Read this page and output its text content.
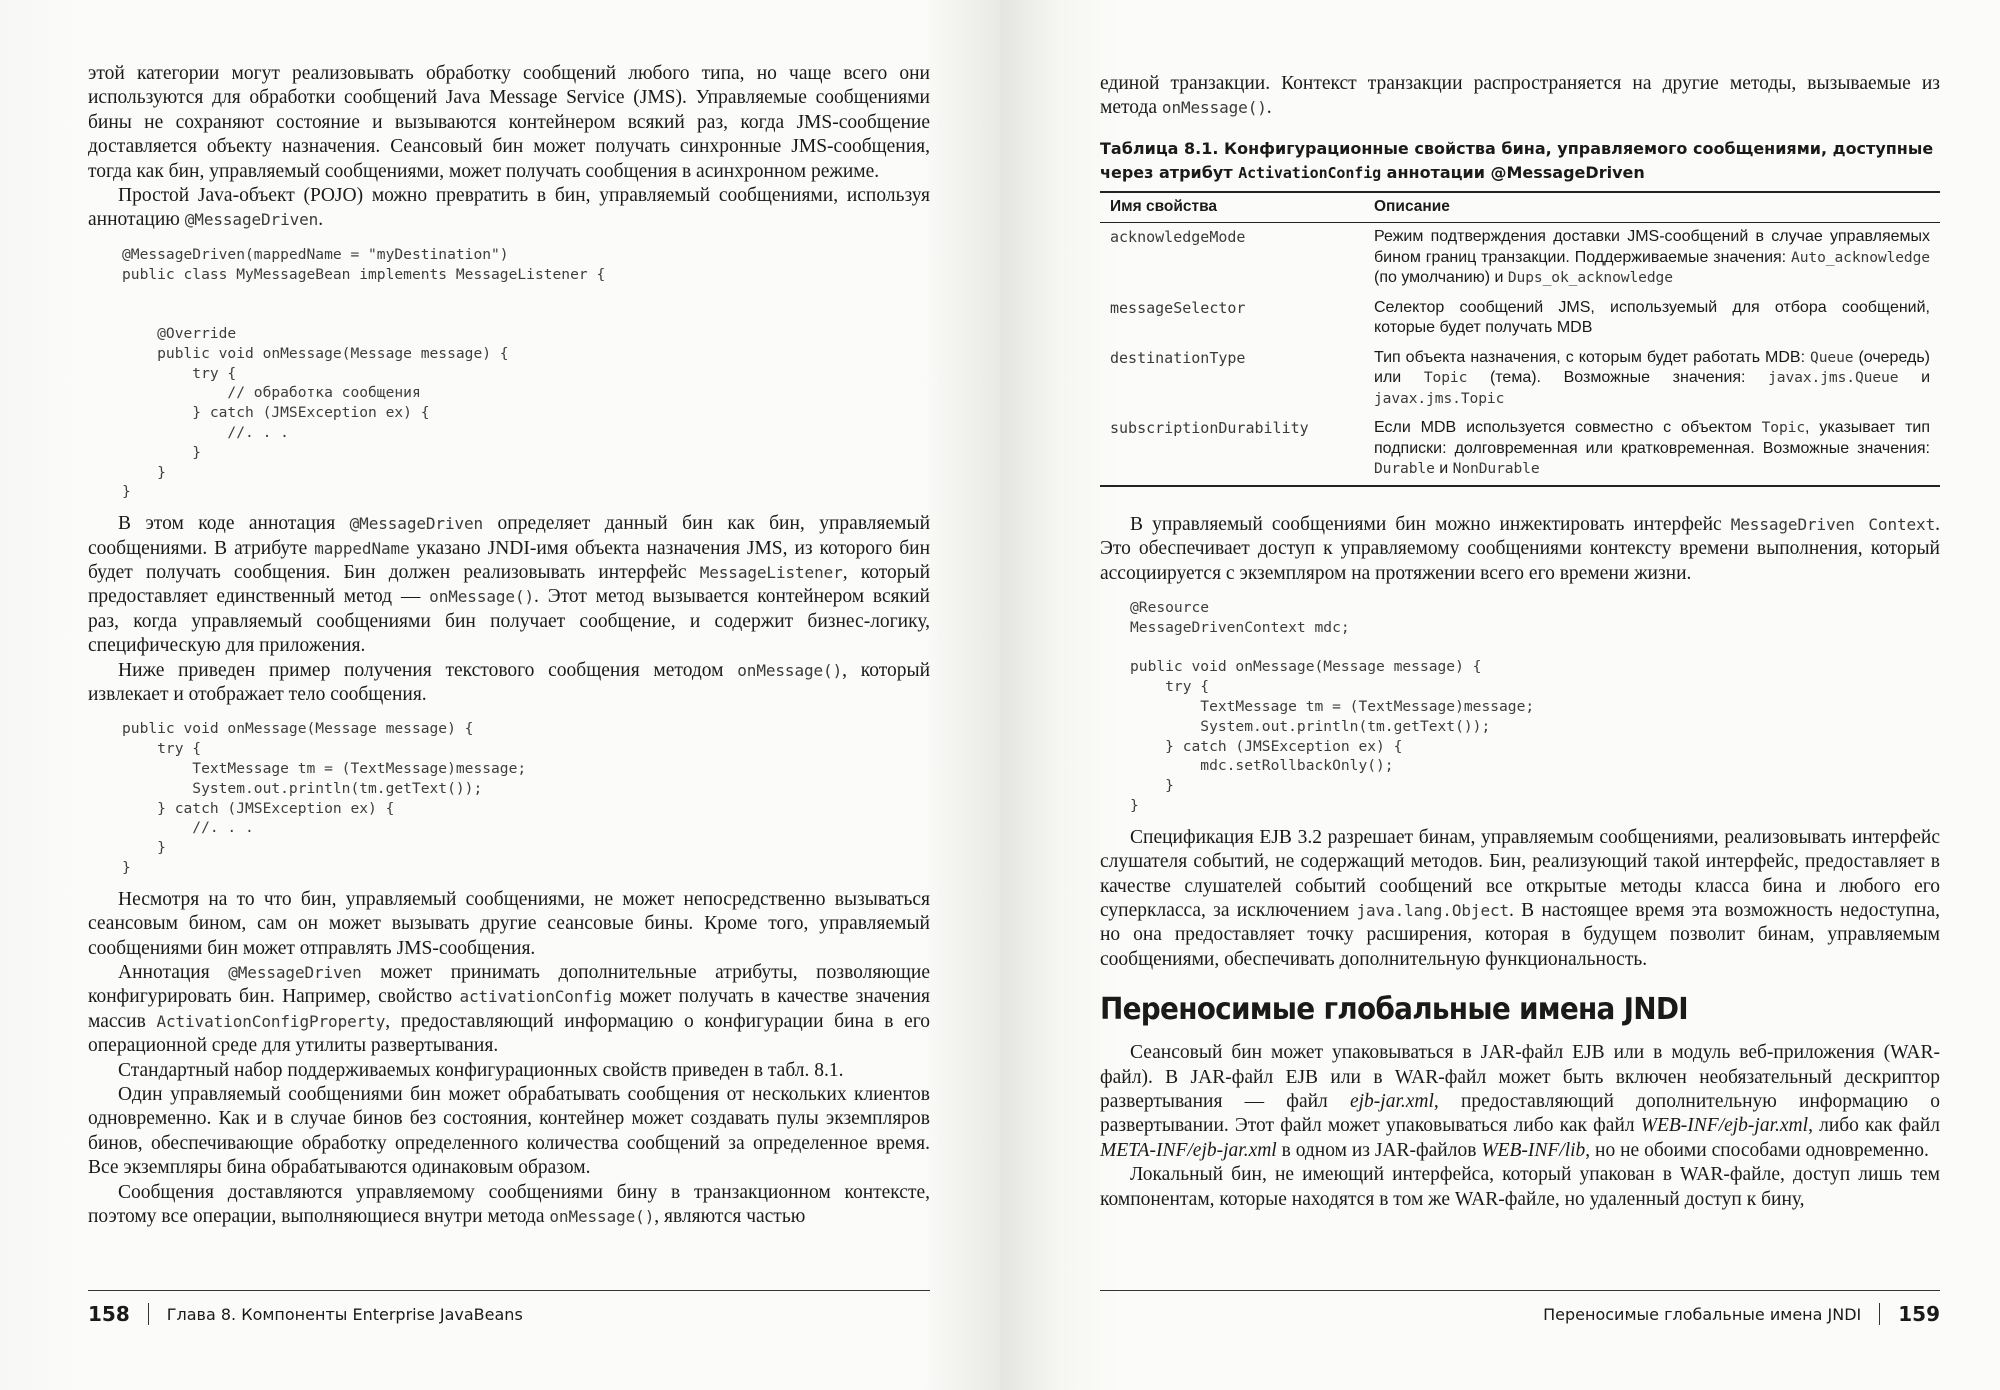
этой категории могут реализовывать обработку сообщений любого типа, но чаще всего они используются для обработки сообщений Java Message Service (JMS). Управляемые сообщениями бины не сохраняют состояние и вызываются контейнером всякий раз, когда JMS-сообщение доставляется объекту назначения. Сеансовый бин может получать синхронные JMS-сообщения, тогда как бин, управляемый сообщениями, может получать сообщения в асинхронном режиме.

Простой Java-объект (POJO) можно превратить в бин, управляемый сообщениями, используя аннотацию @MessageDriven.

@MessageDriven(mappedName = "myDestination")
public class MyMessageBean implements MessageListener {

@Override
public void onMessage(Message message) {
try {
// обработка сообщения
} catch (JMSException ex) {
//. . .
}
}
}

В этом коде аннотация @MessageDriven определяет данный бин как бин, управляемый сообщениями. В атрибуте mappedName указано JNDI-имя объекта назначения JMS, из которого бин будет получать сообщения. Бин должен реализовывать интерфейс MessageListener, который предоставляет единственный метод — onMessage(). Этот метод вызывается контейнером всякий раз, когда управляемый сообщениями бин получает сообщение, и содержит бизнес-логику, специфическую для приложения.

Ниже приведен пример получения текстового сообщения методом onMessage(), который извлекает и отображает тело сообщения.

public void onMessage(Message message) {
try {
TextMessage tm = (TextMessage)message;
System.out.println(tm.getText());
} catch (JMSException ex) {
//. . .
}
}

Несмотря на то что бин, управляемый сообщениями, не может непосредственно вызываться сеансовым бином, сам он может вызывать другие сеансовые бины. Кроме того, управляемый сообщениями бин может отправлять JMS-сообщения.

Аннотация @MessageDriven может принимать дополнительные атрибуты, позволяющие конфигурировать бин. Например, свойство activationConfig может получать в качестве значения массив ActivationConfigProperty, предоставляющий информацию о конфигурации бина в его операционной среде для утилиты развертывания.

Стандартный набор поддерживаемых конфигурационных свойств приведен в табл. 8.1.

Один управляемый сообщениями бин может обрабатывать сообщения от нескольких клиентов одновременно. Как и в случае бинов без состояния, контейнер может создавать пулы экземпляров бинов, обеспечивающие обработку определенного количества сообщений за определенное время. Все экземпляры бина обрабатываются одинаковым образом.

Сообщения доставляются управляемому сообщениями бину в транзакционном контексте, поэтому все операции, выполняющиеся внутри метода onMessage(), являются частью

158 Глава 8. Компоненты Enterprise JavaBeans

единой транзакции. Контекст транзакции распространяется на другие методы, вызываемые из метода onMessage().

Таблица 8.1. Конфигурационные свойства бина, управляемого сообщениями, доступные через атрибут ActivationConfig аннотации @MessageDriven
Имя свойства	Описание
acknowledgeMode	Режим подтверждения доставки JMS-сообщений в случае управляемых бином границ транзакции. Поддерживаемые значения: Auto_acknowledge (по умолчанию) и Dups_ok_acknowledge
messageSelector	Селектор сообщений JMS, используемый для отбора сообщений, которые будет получать MDB
destinationType	Тип объекта назначения, с которым будет работать MDB: Queue (очередь) или Topic (тема). Возможные значения: javax.jms.Queue и javax.jms.Topic
subscriptionDurability	Если MDB используется совместно с объектом Topic, указывает тип подписки: долговременная или кратковременная. Возможные значения: Durable и NonDurable

В управляемый сообщениями бин можно инжектировать интерфейс MessageDriven Context. Это обеспечивает доступ к управляемому сообщениями контексту времени выполнения, который ассоциируется с экземпляром на протяжении всего его времени жизни.

@Resource
MessageDrivenContext mdc;

public void onMessage(Message message) {
try {
TextMessage tm = (TextMessage)message;
System.out.println(tm.getText());
} catch (JMSException ex) {
mdc.setRollbackOnly();
}
}

Спецификация EJB 3.2 разрешает бинам, управляемым сообщениями, реализовывать интерфейс слушателя событий, не содержащий методов. Бин, реализующий такой интерфейс, предоставляет в качестве слушателей событий сообщений все открытые методы класса бина и любого его суперкласса, за исключением java.lang.Object. В настоящее время эта возможность недоступна, но она предоставляет точку расширения, которая в будущем позволит бинам, управляемым сообщениями, обеспечивать дополнительную функциональность.

Переносимые глобальные имена JNDI

Сеансовый бин может упаковываться в JAR-файл EJB или в модуль веб-приложения (WAR-файл). В JAR-файл EJB или в WAR-файл может быть включен необязательный дескриптор развертывания — файл ejb-jar.xml, предоставляющий дополнительную информацию о развертывании. Этот файл может упаковываться либо как файл WEB-INF/ejb-jar.xml, либо как файл META-INF/ejb-jar.xml в одном из JAR-файлов WEB-INF/lib, но не обоими способами одновременно.

Локальный бин, не имеющий интерфейса, который упакован в WAR-файле, доступ лишь тем компонентам, которые находятся в том же WAR-файле, но удаленный доступ к бину,

Переносимые глобальные имена JNDI 159
